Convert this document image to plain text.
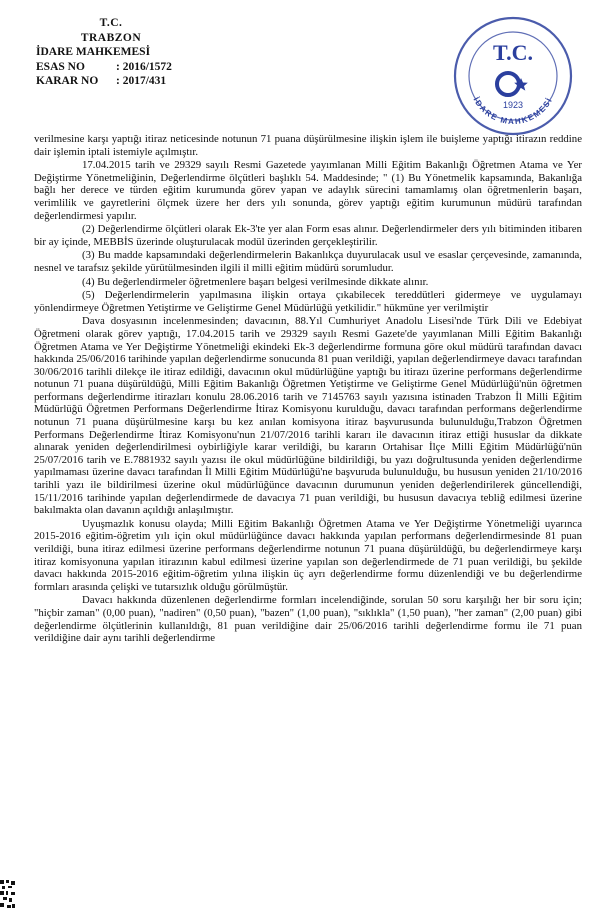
T.C.
TRABZON
İDARE MAHKEMESİ
ESAS NO	: 2016/1572
KARAR NO	: 2017/431
T.C.
1923
İDARE MAHKEMESİ

verilmesine karşı yaptığı itiraz neticesinde notunun 71 puana düşürülmesine ilişkin işlem ile buişleme yaptığı itirazın reddine dair işlemin iptali istemiyle açılmıştır.

17.04.2015 tarih ve 29329 sayılı Resmi Gazetede yayımlanan Milli Eğitim Bakanlığı Öğretmen Atama ve Yer Değiştirme Yönetmeliğinin, Değerlendirme ölçütleri başlıklı 54. Maddesinde; " (1) Bu Yönetmelik kapsamında, Bakanlığa bağlı her derece ve türden eğitim kurumunda görev yapan ve adaylık sürecini tamamlamış olan öğretmenlerin başarı, verimlilik ve gayretlerini ölçmek üzere her ders yılı sonunda, görev yaptığı eğitim kurumunun müdürü tarafından değerlendirmesi yapılır.

(2) Değerlendirme ölçütleri olarak Ek-3'te yer alan Form esas alınır. Değerlendirmeler ders yılı bitiminden itibaren bir ay içinde, MEBBİS üzerinde oluşturulacak modül üzerinden gerçekleştirilir.

(3) Bu madde kapsamındaki değerlendirmelerin Bakanlıkça duyurulacak usul ve esaslar çerçevesinde, zamanında, nesnel ve tarafsız şekilde yürütülmesinden ilgili il milli eğitim müdürü sorumludur.

(4) Bu değerlendirmeler öğretmenlere başarı belgesi verilmesinde dikkate alınır.

(5) Değerlendirmelerin yapılmasına ilişkin ortaya çıkabilecek tereddütleri gidermeye ve uygulamayı yönlendirmeye Öğretmen Yetiştirme ve Geliştirme Genel Müdürlüğü yetkilidir." hükmüne yer verilmiştir

Dava dosyasının incelenmesinden; davacının, 88.Yıl Cumhuriyet Anadolu Lisesi'nde Türk Dili ve Edebiyat Öğretmeni olarak görev yaptığı, 17.04.2015 tarih ve 29329 sayılı Resmi Gazete'de yayımlanan Milli Eğitim Bakanlığı Öğretmen Atama ve Yer Değiştirme Yönetmeliği ekindeki Ek-3 değerlendirme formuna göre okul müdürü tarafından davacı hakkında 25/06/2016 tarihinde yapılan değerlendirme sonucunda 81 puan verildiği, yapılan değerlendirmeye davacı tarafından 30/06/2016 tarihli dilekçe ile itiraz edildiği, davacının okul müdürlüğüne yaptığı bu itirazı üzerine performans değerlendirme notunun 71 puana düşürüldüğü, Milli Eğitim Bakanlığı Öğretmen Yetiştirme ve Geliştirme Genel Müdürlüğü'nün öğretmen performans değerlendirme itirazları konulu 28.06.2016 tarih ve 7145763 sayılı yazısına istinaden Trabzon İl Milli Eğitim Müdürlüğü Öğretmen Performans Değerlendirme İtiraz Komisyonu kurulduğu, davacı tarafından performans değerlendirme notunun 71 puana düşürülmesine karşı bu kez anılan komisyona itiraz başvurusunda bulunulduğu,Trabzon Öğretmen Performans Değerlendirme İtiraz Komisyonu'nun 21/07/2016 tarihli kararı ile davacının itiraz ettiği hususlar da dikkate alınarak yeniden değerlendirilmesi oybirliğiyle karar verildiği, bu kararın Ortahisar İlçe Milli Eğitim Müdürlüğü'nün 25/07/2016 tarih ve E.7881932 sayılı yazısı ile okul müdürlüğüne bildirildiği, bu yazı doğrultusunda yeniden değerlendirme yapılmaması üzerine davacı tarafından İl Milli Eğitim Müdürlüğü'ne başvuruda bulunulduğu, bu hususun yeniden 21/10/2016 tarihli yazı ile bildirilmesi üzerine okul müdürlüğünce davacının durumunun yeniden değerlendirilerek güncellendiği, 15/11/2016 tarihinde yapılan değerlendirmede de davacıya 71 puan verildiği, bu hususun davacıya tebliğ edilmesi üzerine bakılmakta olan davanın açıldığı anlaşılmıştır.

Uyuşmazlık konusu olayda; Milli Eğitim Bakanlığı Öğretmen Atama ve Yer Değiştirme Yönetmeliği uyarınca 2015-2016 eğitim-öğretim yılı için okul müdürlüğünce davacı hakkında yapılan performans değerlendirmesinde 81 puan verildiği, buna itiraz edilmesi üzerine performans değerlendirme notunun 71 puana düşürüldüğü, bu değerlendirmeye karşı itiraz komisyonuna yapılan itirazının kabul edilmesi üzerine yapılan son değerlendirmede de 71 puan verildiği, bu şekilde davacı hakkında 2015-2016 eğitim-öğretim yılına ilişkin üç ayrı değerlendirme formu düzenlendiği ve bu değerlendirme formları arasında çelişki ve tutarsızlık olduğu görülmüştür.

Davacı hakkında düzenlenen değerlendirme formları incelendiğinde, sorulan 50 soru karşılığı her bir soru için; "hiçbir zaman" (0,00 puan), "nadiren" (0,50 puan), "bazen" (1,00 puan), "sıklıkla" (1,50 puan), "her zaman" (2,00 puan) gibi değerlendirme ölçütlerinin kullanıldığı, 81 puan verildiğine dair 25/06/2016 tarihli değerlendirme formu ile 71 puan verildiğine dair aynı tarihli değerlendirme
